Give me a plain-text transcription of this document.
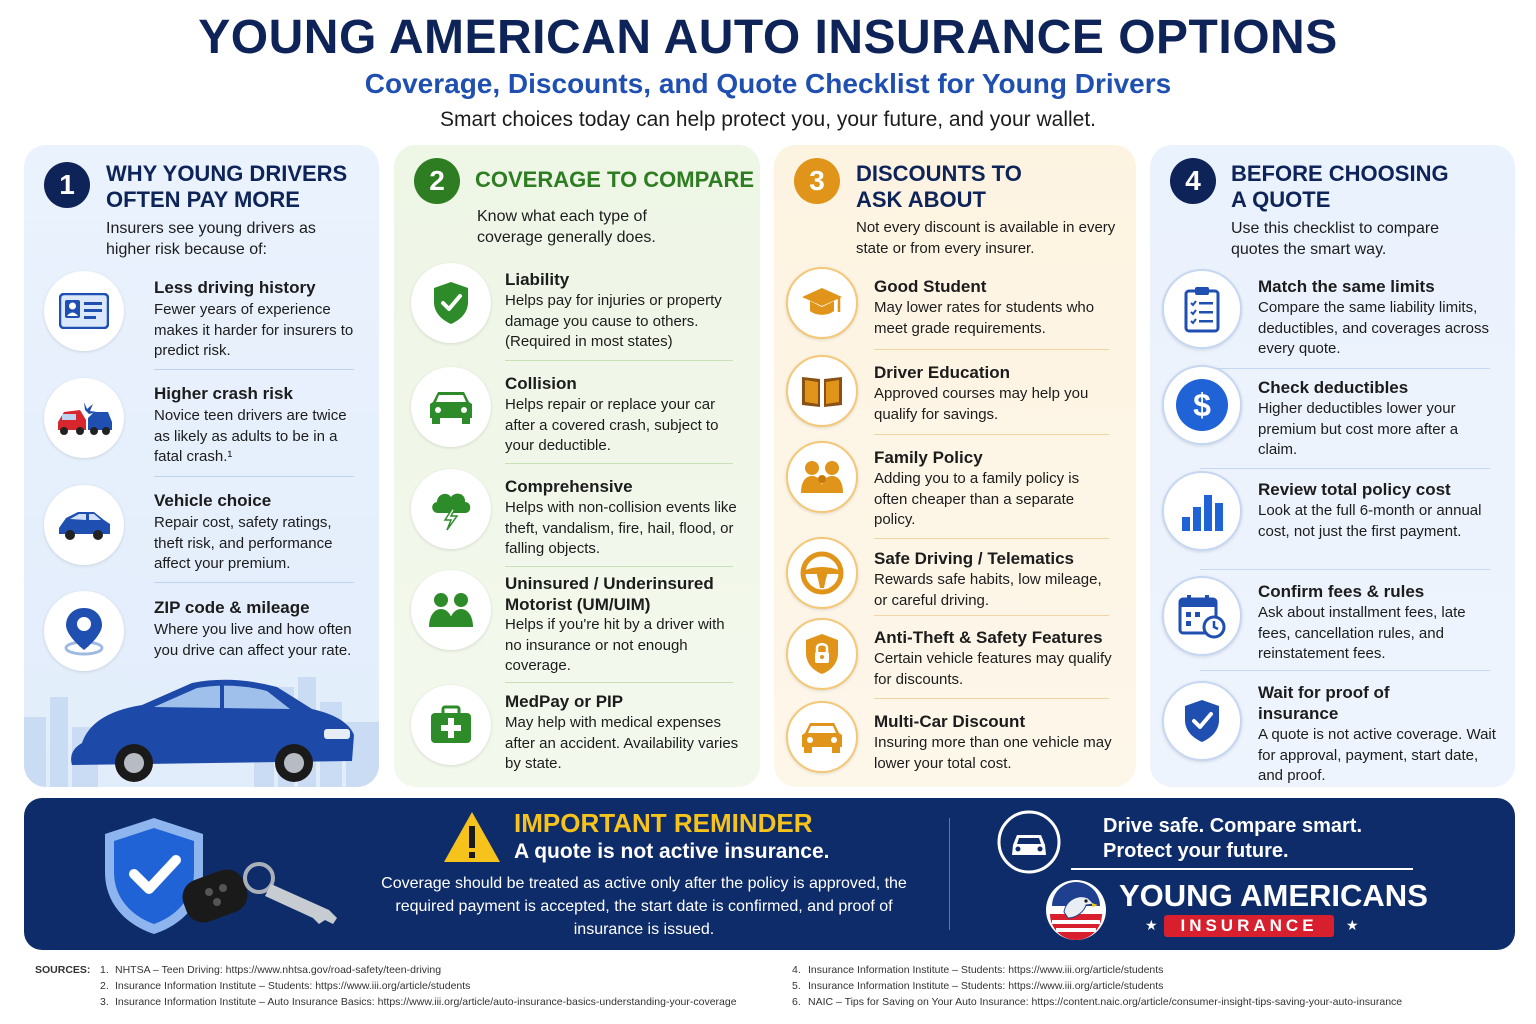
YOUNG AMERICAN AUTO INSURANCE OPTIONS
Coverage, Discounts, and Quote Checklist for Young Drivers
Smart choices today can help protect you, your future, and your wallet.
1	WHY YOUNG DRIVERS
OFTEN PAY MORE
Insurers see young drivers as higher risk because of:
Less driving history
Fewer years of experience makes it harder for insurers to predict risk.
Higher crash risk
Novice teen drivers are twice as likely as adults to be in a fatal crash.¹
Vehicle choice
Repair cost, safety ratings, theft risk, and performance affect your premium.
ZIP code & mileage
Where you live and how often you drive can affect your rate.
2	COVERAGE TO COMPARE
Know what each type of coverage generally does.
Liability
Helps pay for injuries or property damage you cause to others. (Required in most states)
Collision
Helps repair or replace your car after a covered crash, subject to your deductible.
Comprehensive
Helps with non-collision events like theft, vandalism, fire, hail, flood, or falling objects.
Uninsured / Underinsured Motorist (UM/UIM)
Helps if you're hit by a driver with no insurance or not enough coverage.
MedPay or PIP
May help with medical expenses after an accident. Availability varies by state.
3	DISCOUNTS TO
ASK ABOUT
Not every discount is available in every state or from every insurer.
Good Student
May lower rates for students who meet grade requirements.
Driver Education
Approved courses may help you qualify for savings.
Family Policy
Adding you to a family policy is often cheaper than a separate policy.
Safe Driving / Telematics
Rewards safe habits, low mileage, or careful driving.
Anti-Theft & Safety Features
Certain vehicle features may qualify for discounts.
Multi-Car Discount
Insuring more than one vehicle may lower your total cost.
4	BEFORE CHOOSING
A QUOTE
Use this checklist to compare quotes the smart way.
Match the same limits
Compare the same liability limits, deductibles, and coverages across every quote.
$	Check deductibles
Higher deductibles lower your premium but cost more after a claim.
Review total policy cost
Look at the full 6-month or annual cost, not just the first payment.
Confirm fees & rules
Ask about installment fees, late fees, cancellation rules, and reinstatement fees.
Wait for proof of insurance
A quote is not active coverage. Wait for approval, payment, start date, and proof.
IMPORTANT REMINDER
A quote is not active insurance.
Coverage should be treated as active only after the policy is approved, the required payment is accepted, the start date is confirmed, and proof of insurance is issued.
Drive safe. Compare smart.
Protect your future.
YOUNG AMERICANS
★	INSURANCE	★
SOURCES: 1. NHTSA – Teen Driving: https://www.nhtsa.gov/road-safety/teen-driving
2. Insurance Information Institute – Students: https://www.iii.org/article/students
3. Insurance Information Institute – Auto Insurance Basics: https://www.iii.org/article/auto-insurance-basics-understanding-your-coverage
4. Insurance Information Institute – Students: https://www.iii.org/article/students
5. Insurance Information Institute – Students: https://www.iii.org/article/students
6. NAIC – Tips for Saving on Your Auto Insurance: https://content.naic.org/article/consumer-insight-tips-saving-your-auto-insurance
